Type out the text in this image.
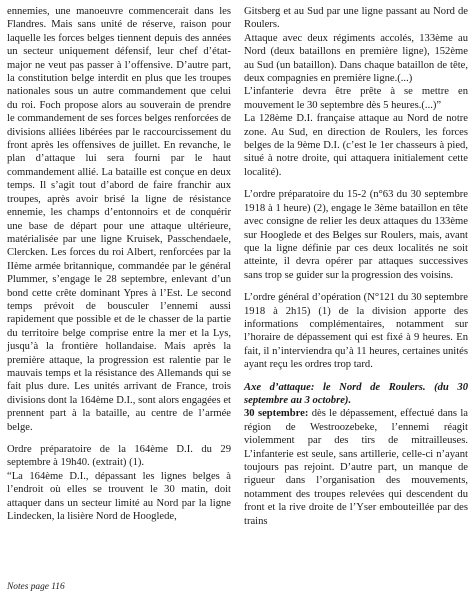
ennemies, une manoeuvre commencerait dans les Flandres. Mais sans unité de réserve, raison pour laquelle les forces belges tiennent depuis des années un secteur uniquement défensif, leur chef d’état-major ne veut pas passer à l’offensive. D’autre part, la constitution belge interdit en plus que les troupes nationales sous un autre commandement que celui du roi. Foch propose alors au souverain de prendre le commandement de ses forces belges renforcées de divisions alliées libérées par le raccourcissement du front après les offensives de juillet. En revanche, le plan d’attaque lui sera fourni par le haut commandement allié. La bataille est conçue en deux temps. Il s’agit tout d’abord de faire franchir aux troupes, après avoir brisé la ligne de résistance ennemie, les champs d’entonnoirs et de conquérir une base de départ pour une attaque ultérieure, matérialisée par une ligne Kruisek, Passchendaele, Clercken. Les forces du roi Albert, renforcées par la IIème armée britannique, commandée par le général Plummer, s’engage le 28 septembre, enlevant d’un bond cette crête dominant Ypres à l’Est. Le second temps prévoit de bousculer l’ennemi aussi rapidement que possible et de le chasser de la partie du territoire belge comprise entre la mer et la Lys, jusqu’à la frontière hollandaise. Mais après la première attaque, la progression est ralentie par le mauvais temps et la résistance des Allemands qui se fait plus dure. Les unités arrivant de France, trois divisions dont la 164ème D.I., sont alors engagées et prennent part à la bataille, au centre de l’armée belge.

Ordre préparatoire de la 164ème D.I. du 29 septembre à 19h40. (extrait) (1).

“La 164ème D.I., dépassant les lignes belges à l’endroit où elles se trouvent le 30 matin, doit attaquer dans un secteur limité au Nord par la ligne Lindecken, la lisière Nord de Hooglede,

Gitsberg et au Sud par une ligne passant au Nord de Roulers.

Attaque avec deux régiments accolés, 133ème au Nord (deux bataillons en première ligne), 152ème au Sud (un bataillon). Dans chaque bataillon de tête, deux compagnies en première ligne.(...)

L’infanterie devra être prête à se mettre en mouvement le 30 septembre dès 5 heures.(...)”

La 128ème D.I. française attaque au Nord de notre zone. Au Sud, en direction de Roulers, les forces belges de la 9ème D.I. (c’est le 1er chasseurs à pied, situé à notre droite, qui attaquera initialement cette localité).

L’ordre préparatoire du 15-2 (n°63 du 30 septembre 1918 à 1 heure) (2), engage le 3ème bataillon en tête avec consigne de relier les deux attaques du 133ème sur Hooglede et des Belges sur Roulers, mais, avant que la ligne définie par ces deux localités ne soit atteinte, il devra opérer par attaques successives sans trop se guider sur la progression des voisins.

L’ordre général d’opération (N°121 du 30 septembre 1918 à 2h15) (1) de la division apporte des informations complémentaires, notamment sur l’horaire de dépassement qui est fixé à 9 heures. En fait, il n’interviendra qu’à 11 heures, certaines unités ayant reçu les ordres trop tard.

Axe d’attaque: le Nord de Roulers. (du 30 septembre au 3 octobre).

30 septembre: dès le dépassement, effectué dans la région de Westroozebeke, l’ennemi réagit violemment par des tirs de mitrailleuses. L’infanterie est seule, sans artillerie, celle-ci n’ayant toujours pas rejoint. D’autre part, un manque de rigueur dans l’organisation des mouvements, notamment des troupes relevées qui descendent du front et la rive droite de l’Yser embouteillée par des trains

Notes page 116
